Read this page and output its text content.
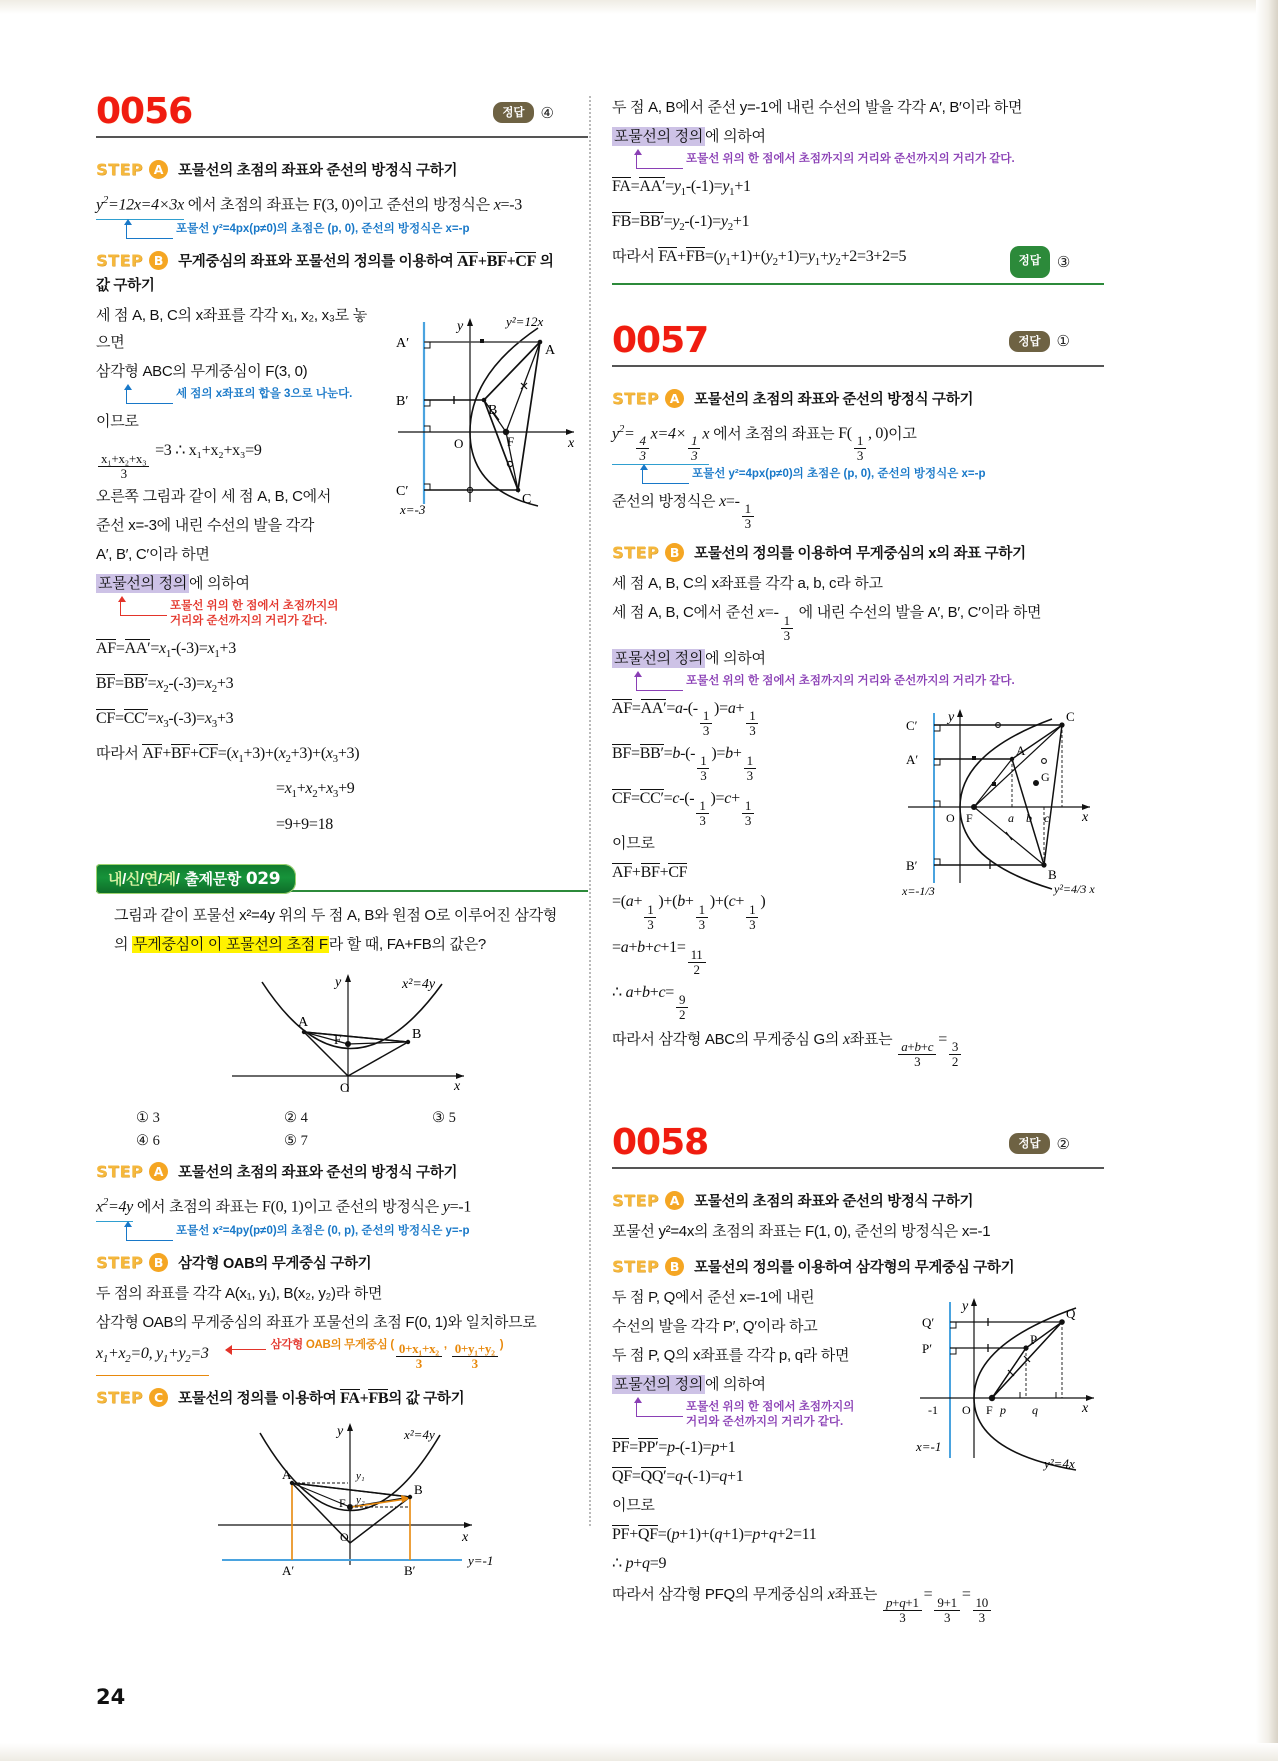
0056	정답	④
STEP A	포물선의 초점의 좌표와 준선의 방정식 구하기
$y^2=12x=4\times 3x$ 에서 초점의 좌표는 F(3, 0)이고 준선의 방정식은 x=-3
포물선 y²=4px(p≠0)의 초점은 (p, 0), 준선의 방정식은 x=-p
STEP B	무게중심의 좌표와 포물선의 정의를 이용하여 AF+BF+CF 의
값 구하기
A
B
C
A′
B′
C′
O	F	x
y	y²=12x
x=-3
세 점 A, B, C의 x좌표를 각각 x₁, x₂, x₃로 놓으면
삼각형 ABC의 무게중심이 F(3, 0)
세 점의 x좌표의 합을 3으로 나눈다.
이므로
$\frac{\text{x₁+x₂+x₃}}{3}$
=3 ∴ x₁+x₂+x₃=9
오른쪽 그림과 같이 세 점 A, B, C에서
준선 x=-3에 내린 수선의 발을 각각
A′, B′, C′이라 하면
포물선의 정의 에 의하여
포물선 위의 한 점에서 초점까지의
거리와 준선까지의 거리가 같다.
$AF=AA'=x_1-(-3)=x_1+3$
$BF=BB'=x_2-(-3)=x_2+3$
$CF=CC'=x_3-(-3)=x_3+3$
따라서 $AF+BF+CF=(x_1+3)+(x_2+3)+(x_3+3)$
$=x_1+x_2+x_3+9$
=9+9=18
내/신/연/계/ 출제문항 029
그림과 같이 포물선 x²=4y 위의 두 점 A, B와 원점 O로 이루어진 삼각형
의 무게중심이 이 포물선의 초점 F라 할 때, FA+FB의 값은?
A
B
F
O	x
y	x²=4y
① 3	② 4	③ 5
④ 6	⑤ 7
STEP A	포물선의 초점의 좌표와 준선의 방정식 구하기
$x^2=4y$ 에서 초점의 좌표는 F(0, 1)이고 준선의 방정식은 y=-1
포물선 x²=4py(p≠0)의 초점은 (0, p), 준선의 방정식은 y=-p
STEP B	삼각형 OAB의 무게중심 구하기
두 점의 좌표를 각각 A(x₁, y₁), B(x₂, y₂)라 하면
삼각형 OAB의 무게중심의 좌표가 포물선의 초점 F(0, 1)와 일치하므로
$x_1+x_2=0$, $y_1+y_2=3$
삼각형 OAB의 무게중심 ( $\frac{\text{0+x₁+x₂}}{3}$ , $\frac{\text{0+y₁+y₂}}{3}$ )
STEP C	포물선의 정의를 이용하여 FA+FB의 값 구하기
A
B
F
O
A′	B′
x
y	x²=4y
y₁
y₂
y=-1
두 점 A, B에서 준선 y=-1에 내린 수선의 발을 각각 A′, B′이라 하면
포물선의 정의 에 의하여
포물선 위의 한 점에서 초점까지의 거리와 준선까지의 거리가 같다.
$FA=AA'=y_1-(-1)=y_1+1$
$FB=BB'=y_2-(-1)=y_2+1$
따라서 $FA+FB=(y_1+1)+(y_2+1)=y_1+y_2+2=3+2=5$	정답	③
0057	정답	①
STEP A	포물선의 초점의 좌표와 준선의 방정식 구하기
$y^2=$
$\frac{4}{3}$
x=4×
$\frac{1}{3}$
x 에서 초점의 좌표는 F(
$\frac{1}{3}$
, 0)이고
포물선 y²=4px(p≠0)의 초점은 (p, 0), 준선의 방정식은 x=-p
준선의 방정식은 x=-
$\frac{1}{3}$
STEP B	포물선의 정의를 이용하여 무게중심의 x의 좌표 구하기
세 점 A, B, C의 x좌표를 각각 a, b, c라 하고
세 점 A, B, C에서 준선 x=-
$\frac{1}{3}$
에 내린 수선의 발을 A′, B′, C′이라 하면
포물선의 정의 에 의하여
포물선 위의 한 점에서 초점까지의 거리와 준선까지의 거리가 같다.
A
B
C
C′
A′
B′
G
O F	a b c x
y
y²=4/3 x
x=-1/3
AF=AA′=a-(-
$\frac{1}{3}$
)=a+
$\frac{1}{3}$
BF=BB′=b-(-
$\frac{1}{3}$
)=b+
$\frac{1}{3}$
CF=CC′=c-(-
$\frac{1}{3}$
)=c+
$\frac{1}{3}$
이므로
AF+BF+CF
=(a+
$\frac{1}{3}$
)+(b+
$\frac{1}{3}$
)+(c+
$\frac{1}{3}$
)
=a+b+c+1=
$\frac{11}{2}$
∴ a+b+c=
$\frac{9}{2}$
따라서 삼각형 ABC의 무게중심 G의 x좌표는
$\frac{a+b+c}{3}$
=
$\frac{3}{2}$
0058	정답	②
STEP A	포물선의 초점의 좌표와 준선의 방정식 구하기
포물선 y²=4x의 초점의 좌표는 F(1, 0), 준선의 방정식은 x=-1
STEP B	포물선의 정의를 이용하여 삼각형의 무게중심 구하기
P
Q
Q′
P′
O F p q
-1	x
y
x=-1
y²=4x
두 점 P, Q에서 준선 x=-1에 내린
수선의 발을 각각 P′, Q′이라 하고
두 점 P, Q의 x좌표를 각각 p, q라 하면
포물선의 정의 에 의하여
포물선 위의 한 점에서 초점까지의
거리와 준선까지의 거리가 같다.
PF=PP′=p-(-1)=p+1
QF=QQ′=q-(-1)=q+1
이므로
PF+QF=(p+1)+(q+1)=p+q+2=11
∴ p+q=9
따라서 삼각형 PFQ의 무게중심의 x좌표는
$\frac{p+q+1}{3}$
=
$\frac{9+1}{3}$
=
$\frac{10}{3}$
24
